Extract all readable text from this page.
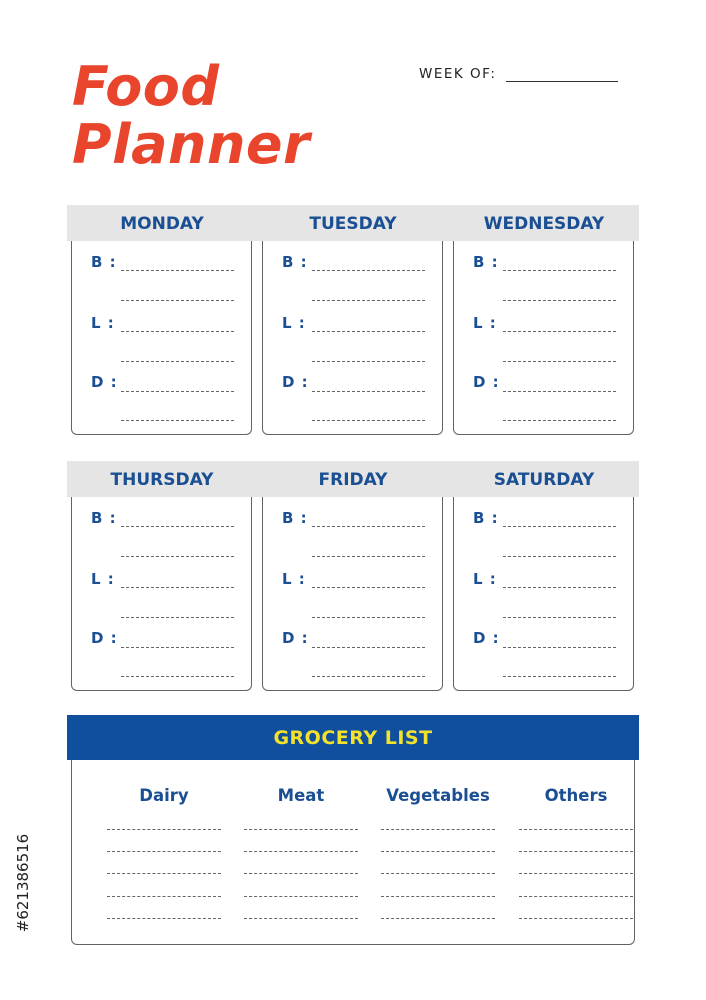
Food
Planner
WEEK OF:
MONDAY
B :
L :
D :
TUESDAY
B :
L :
D :
WEDNESDAY
B :
L :
D :
THURSDAY
B :
L :
D :
FRIDAY
B :
L :
D :
SATURDAY
B :
L :
D :
GROCERY LIST
Dairy	Meat	Vegetables	Others
#621386516
